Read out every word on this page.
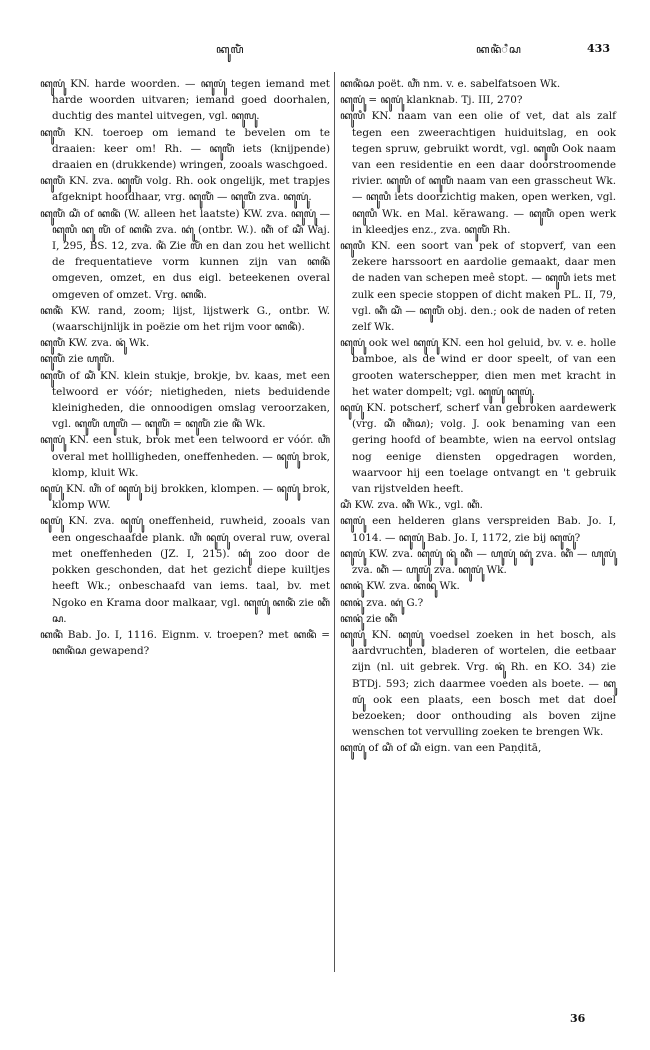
ꦏꦸꦭꦶꦁꦁ	ꦏꦤꦶꦁꦶꦱ	433

ꦏꦸꦭꦸꦁꦁ KN. harde woorden. — ꦏꦸꦭꦸꦁꦁ tegen iemand met harde woorden uitvaren; iemand goed doorhalen, duchtig des mantel uitvegen, vgl. ꦏꦸꦭꦸ.

ꦏꦸꦭꦶꦁꦁ KN. toeroep om iemand te bevelen om te draaien: keer om! Rh. — ꦏꦸꦭꦶꦁꦁ iets (knijpende) draaien en (drukkende) wringen, zooals waschgoed.

ꦏꦸꦭꦶꦁꦁ KN. zva. ꦏꦸꦭꦶꦁ volg. Rh. ook ongelijk, met trapjes afgeknipt hoofdhaar, vrg. ꦏꦸꦭꦶꦁꦁ — ꦏꦸꦭꦶꦁꦁ zva. ꦏꦸꦭꦸꦁ.

ꦏꦸꦭꦶꦁꦁ ꦱꦶꦁ of ꦏꦤꦶꦁ (W. alleen het laatste) KW. zva. ꦏꦸꦭꦸꦁ — ꦏꦸꦭꦶ ꦏꦸ ꦭꦶꦁ of ꦏꦤꦶꦁ zva. ꦏꦸꦁ (ontbr. W.). ꦏꦶꦁꦁ of ꦱꦶꦁꦁ Waj. I, 295, BS. 12, zva. ꦤꦶꦁ Zie ꦭꦶꦁ en dan zou het wellicht de frequentatieve vorm kunnen zijn van ꦏꦤꦶꦁ omgeven, omzet, en dus eigl. beteekenen overal omgeven of omzet. Vrg. ꦏꦤꦶꦁꦁ.

ꦏꦤꦶꦁꦁ KW. rand, zoom; lijst, lijstwerk G., ontbr. W. (waarschijnlijk in poëzie om het rijm voor ꦏꦤꦶꦁ).

ꦏꦸꦭꦶꦁꦁ KW. zva. ꦤꦸꦁꦁ Wk.

ꦏꦸꦭꦶꦁꦁ zie ꦲꦸꦭꦶꦁ.

ꦏꦸꦭꦶꦁꦁ of ꦱꦶꦁꦁ KN. klein stukje, brokje, bv. kaas, met een telwoord er vóór; nietigheden, niets beduidende kleinigheden, die onnoodigen omslag veroorzaken, vgl. ꦏꦸꦭꦶꦁ ꦲꦸꦭꦶꦁ — ꦏꦸꦭꦶꦁ = ꦏꦸꦭꦶꦁ zie ꦤꦶꦁ Wk.

ꦏꦸꦭꦸꦁꦁ KN. een stuk, brok met een telwoord er vóór. ꦲꦶꦁ overal met hollligheden, oneffenheden. — ꦤꦸꦭꦸꦁꦁ brok, klomp, kluit Wk.

ꦤꦸꦭꦸꦁꦁ KN. ꦲꦶꦁ of ꦤꦸꦭꦸꦁꦁ bij brokken, klompen. — ꦤꦸꦭꦸꦁꦁ brok, klomp WW.

ꦤꦸꦭꦸꦁꦁ KN. zva. ꦤꦸꦭꦸꦁꦁ oneffenheid, ruwheid, zooals van een ongeschaafde plank. ꦲꦶꦁ ꦤꦸꦭꦸꦁꦁ overal ruw, overal met oneffenheden (JZ. I, 215). ꦏꦸꦁꦁ zoo door de pokken geschonden, dat het gezicht diepe kuiltjes heeft Wk.; onbeschaafd van iems. taal, bv. met Ngoko en Krama door malkaar, vgl. ꦏꦸꦭꦸꦁꦁ ꦏꦤꦶꦁꦁ zie ꦏꦶꦁꦱ.

ꦏꦤꦶꦁꦁ Bab. Jo. I, 1116. Eignm. v. troepen? met ꦏꦤꦶꦁꦁ = ꦏꦤꦶꦁꦱ gewapend?

ꦏꦤꦶꦁꦱ poët. ꦲꦶꦁꦁ nm. v. e. sabelfatsoen Wk.

ꦏꦸꦭꦸꦁꦁ = ꦤꦸꦭꦸꦁꦁ klanknab. Tj. III, 270?

ꦏꦸꦭꦶ KN. naam van een olie of vet, dat als zalf tegen een zweerachtigen huiduitslag, en ook tegen spruw, gebruikt wordt, vgl. ꦏꦸꦭꦶ Ook naam van een residentie en een daar doorstroomende rivier. ꦏꦸꦭꦶ of ꦏꦸꦭꦶꦁꦁ naam van een grasscheut Wk. — ꦏꦸꦭꦶ iets doorzichtig maken, open werken, vgl. ꦏꦸꦭꦶ Wk. en Mal. kĕrawang. — ꦏꦸꦭꦶꦁꦁ open werk in kleedjes enz., zva. ꦏꦸꦭꦶꦁꦁ Rh.

ꦏꦸꦭꦶ KN. een soort van pek of stopverf, van een zekere harssoort en aardolie gemaakt, daar men de naden van schepen meê stopt. — ꦏꦸꦭꦶ iets met zulk een specie stoppen of dicht maken PL. II, 79, vgl. ꦏꦶꦁꦁ ꦱꦶꦁꦁ — ꦏꦸꦭꦶꦁꦁ obj. den.; ook de naden of reten zelf Wk.

ꦏꦸꦭꦸꦁ ook wel ꦏꦸꦭꦸꦁ KN. een hol geluid, bv. v. e. holle bamboe, als de wind er door speelt, of van een grooten waterschepper, dien men met kracht in het water dompelt; vgl. ꦏꦸꦭꦸꦁ ꦏꦸꦭꦸꦁ.

ꦤꦸꦭꦸꦁꦁ KN. potscherf, scherf van gebroken aardewerk (vrg. ꦱꦶꦁꦁ ꦏꦶꦁꦱ); volg. J. ook benaming van een gering hoofd of beambte, wien na eervol ontslag nog eenige diensten opgedragen worden, waarvoor hij een toelage ontvangt en 't gebruik van rijstvelden heeft.

ꦱꦶꦁꦁ KW. zva. ꦏꦶꦁꦁ Wk., vgl. ꦏꦶꦁ.

ꦏꦸꦭꦸꦁꦁ een helderen glans verspreiden Bab. Jo. I, 1014. — ꦏꦸꦭꦸꦁꦁ Bab. Jo. I, 1172, zie bij ꦏꦸꦭꦸꦁ?

ꦏꦸꦭꦸꦁ KW. zva. ꦏꦸꦭꦸꦁ ꦤꦸꦁꦁ ꦏꦶꦁꦁ — ꦲꦸꦭꦸꦁ ꦏꦸꦁ zva. ꦏꦶꦁꦁ — ꦲꦸꦭꦸꦁ zva. ꦏꦶꦁꦁ — ꦲꦸꦭꦸꦁꦁ zva. ꦏꦸꦭꦸꦁꦁ Wk.

ꦏꦤꦸꦁ KW. zva. ꦏꦤꦸ Wk.

ꦏꦤꦸꦁ zva. ꦏꦸꦁ G.?

ꦏꦤꦸꦁꦁ zie ꦏꦶꦁꦁ

ꦏꦸꦭꦸꦁ KN. ꦏꦸꦭꦸꦁ voedsel zoeken in het bosch, als aardvruchten, bladeren of wortelen, die eetbaar zijn (nl. uit gebrek. Vrg. ꦤꦸꦁ Rh. en KO. 34) zie BTDj. 593; zich daarmee voeden als boete. — ꦏꦸꦭꦸꦁꦁ ook een plaats, een bosch met dat doel bezoeken; door onthouding als boven zijne wenschen tot vervulling zoeken te brengen Wk.

ꦏꦸꦭꦸꦁ of ꦱꦶꦁ of ꦱꦶꦁ eign. van een Paṇḍitā,

36
